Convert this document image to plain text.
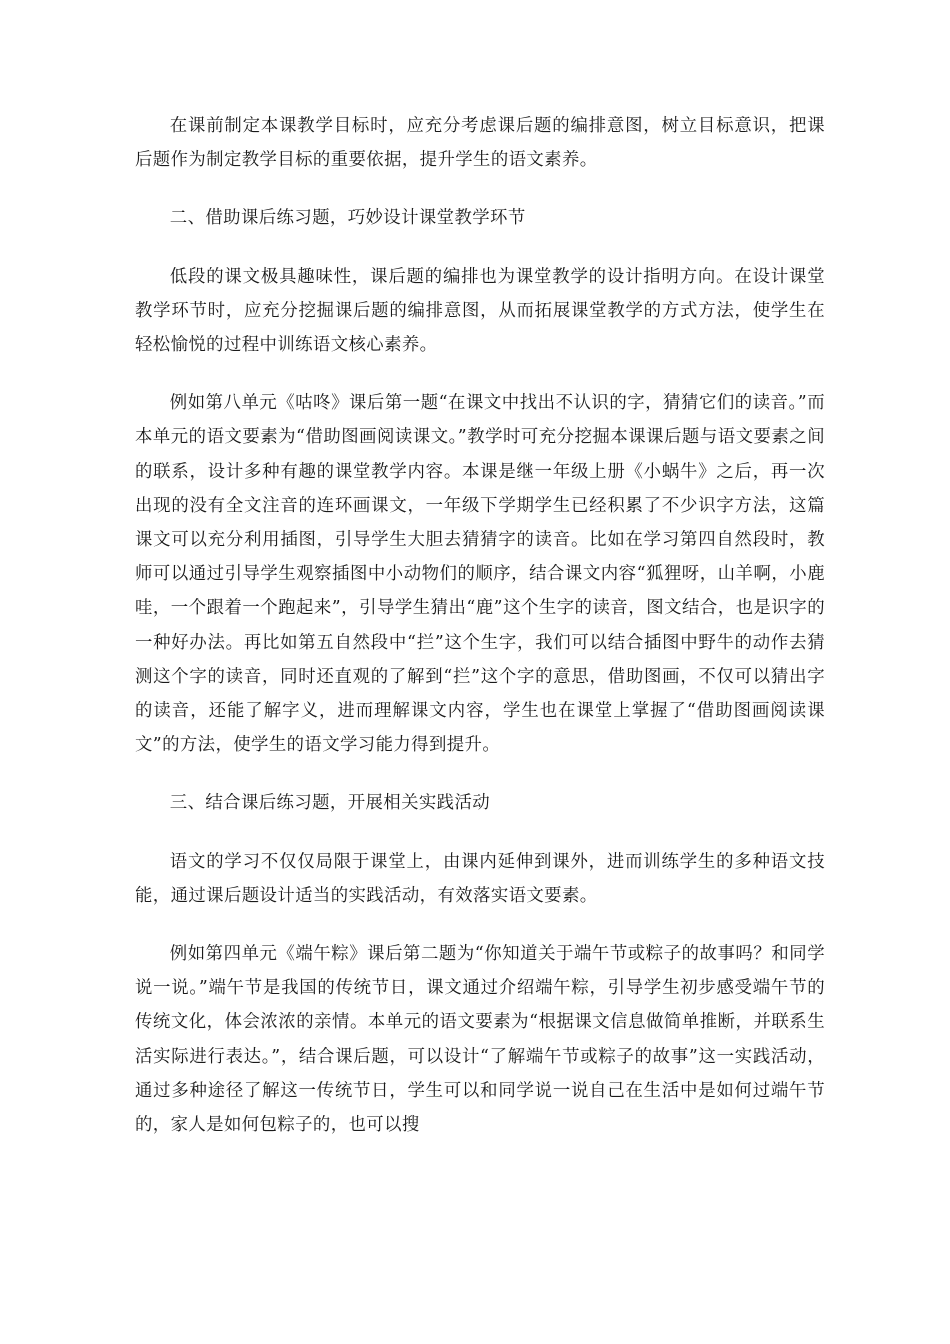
在课前制定本课教学目标时，应充分考虑课后题的编排意图，树立目标意识，把课后题作为制定教学目标的重要依据，提升学生的语文素养。

二、借助课后练习题，巧妙设计课堂教学环节

低段的课文极具趣味性，课后题的编排也为课堂教学的设计指明方向。在设计课堂教学环节时，应充分挖掘课后题的编排意图，从而拓展课堂教学的方式方法，使学生在轻松愉悦的过程中训练语文核心素养。

例如第八单元《咕咚》课后第一题“在课文中找出不认识的字，猜猜它们的读音。”而本单元的语文要素为“借助图画阅读课文。”教学时可充分挖掘本课课后题与语文要素之间的联系，设计多种有趣的课堂教学内容。本课是继一年级上册《小蜗牛》之后，再一次出现的没有全文注音的连环画课文，一年级下学期学生已经积累了不少识字方法，这篇课文可以充分利用插图，引导学生大胆去猜猜字的读音。比如在学习第四自然段时，教师可以通过引导学生观察插图中小动物们的顺序，结合课文内容“狐狸呀，山羊啊，小鹿哇，一个跟着一个跑起来”，引导学生猜出“鹿”这个生字的读音，图文结合，也是识字的一种好办法。再比如第五自然段中“拦”这个生字，我们可以结合插图中野牛的动作去猜测这个字的读音，同时还直观的了解到“拦”这个字的意思，借助图画，不仅可以猜出字的读音，还能了解字义，进而理解课文内容，学生也在课堂上掌握了“借助图画阅读课文”的方法，使学生的语文学习能力得到提升。

三、结合课后练习题，开展相关实践活动

语文的学习不仅仅局限于课堂上，由课内延伸到课外，进而训练学生的多种语文技能，通过课后题设计适当的实践活动，有效落实语文要素。

例如第四单元《端午粽》课后第二题为“你知道关于端午节或粽子的故事吗？和同学说一说。”端午节是我国的传统节日，课文通过介绍端午粽，引导学生初步感受端午节的传统文化，体会浓浓的亲情。本单元的语文要素为“根据课文信息做简单推断，并联系生活实际进行表达。”，结合课后题，可以设计“了解端午节或粽子的故事”这一实践活动，通过多种途径了解这一传统节日，学生可以和同学说一说自己在生活中是如何过端午节的，家人是如何包粽子的，也可以搜
